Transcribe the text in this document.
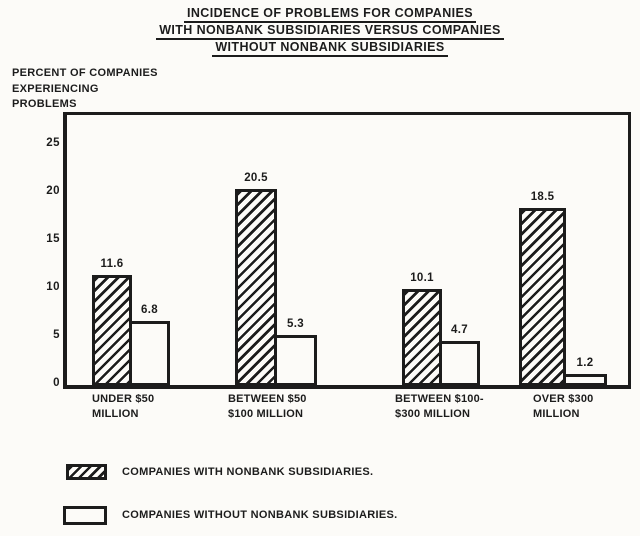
INCIDENCE OF PROBLEMS FOR COMPANIES
WITH NONBANK SUBSIDIARIES VERSUS COMPANIES
WITHOUT NONBANK SUBSIDIARIES
PERCENT OF COMPANIES
EXPERIENCING
PROBLEMS
11.6
20.5
10.1
18.5
6.8
5.3	4.7
1.2
0
5
10
15
20
25
UNDER $50
MILLION
BETWEEN $50
$100 MILLION
BETWEEN $100-
$300 MILLION
OVER $300
MILLION
COMPANIES WITH NONBANK SUBSIDIARIES.
COMPANIES WITHOUT NONBANK SUBSIDIARIES.
